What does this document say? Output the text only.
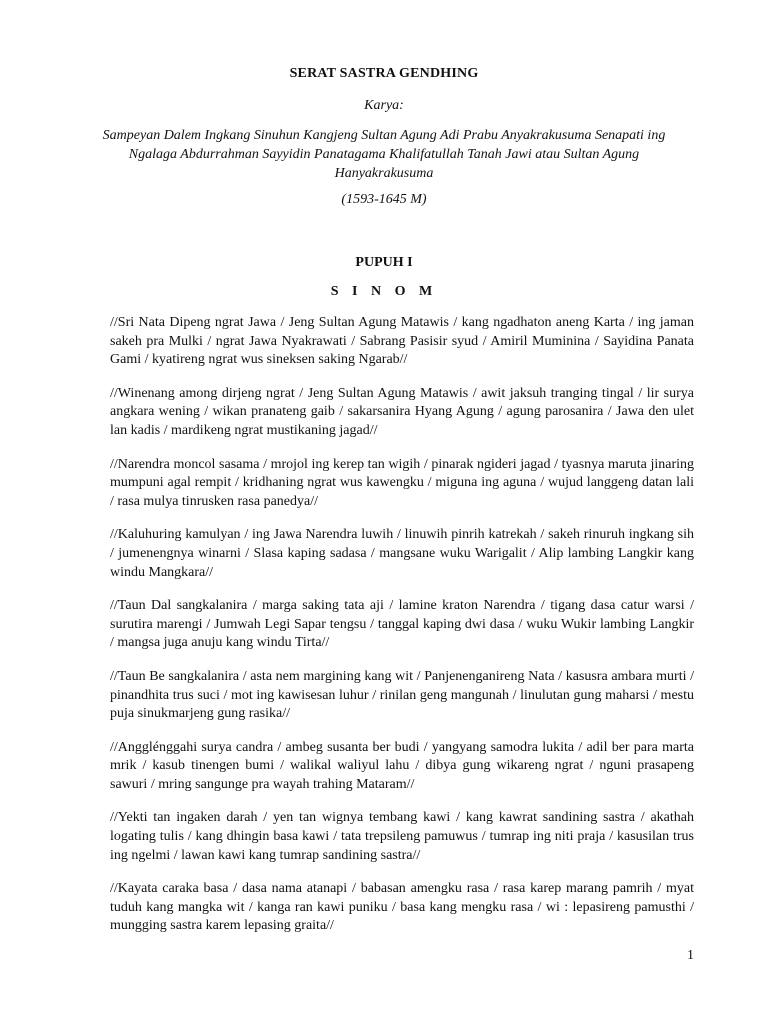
SERAT SASTRA GENDHING
Karya:
Sampeyan Dalem Ingkang Sinuhun Kangjeng Sultan Agung Adi Prabu Anyakrakusuma Senapati ing Ngalaga Abdurrahman Sayyidin Panatagama Khalifatullah Tanah Jawi atau Sultan Agung Hanyakrakusuma
(1593-1645 M)
PUPUH I
S I N O M

//Sri Nata Dipeng ngrat Jawa / Jeng Sultan Agung Matawis / kang ngadhaton aneng Karta / ing jaman sakeh pra Mulki / ngrat Jawa Nyakrawati / Sabrang Pasisir syud / Amiril Muminina / Sayidina Panata Gami / kyatireng ngrat wus sineksen saking Ngarab//

//Winenang among dirjeng ngrat / Jeng Sultan Agung Matawis / awit jaksuh tranging tingal / lir surya angkara wening / wikan pranateng gaib / sakarsanira Hyang Agung / agung parosanira / Jawa den ulet lan kadis / mardikeng ngrat mustikaning jagad//

//Narendra moncol sasama / mrojol ing kerep tan wigih / pinarak ngideri jagad / tyasnya maruta jinaring mumpuni agal rempit / kridhaning ngrat wus kawengku / miguna ing aguna / wujud langgeng datan lali / rasa mulya tinrusken rasa panedya//

//Kaluhuring kamulyan / ing Jawa Narendra luwih / linuwih pinrih katrekah / sakeh rinuruh ingkang sih / jumenengnya winarni / Slasa kaping sadasa / mangsane wuku Warigalit / Alip lambing Langkir kang windu Mangkara//

//Taun Dal sangkalanira / marga saking tata aji / lamine kraton Narendra / tigang dasa catur warsi / surutira marengi / Jumwah Legi Sapar tengsu / tanggal kaping dwi dasa / wuku Wukir lambing Langkir / mangsa juga anuju kang windu Tirta//

//Taun Be sangkalanira / asta nem margining kang wit / Panjenenganireng Nata / kasusra ambara murti / pinandhita trus suci / mot ing kawisesan luhur / rinilan geng mangunah / linulutan gung maharsi / mestu puja sinukmarjeng gung rasika//

//Angglénggahi surya candra / ambeg susanta ber budi / yangyang samodra lukita / adil ber para marta mrik / kasub tinengen bumi / walikal waliyul lahu / dibya gung wikareng ngrat / nguni prasapeng sawuri / mring sangunge pra wayah trahing Mataram//

//Yekti tan ingaken darah / yen tan wignya tembang kawi / kang kawrat sandining sastra / akathah logating tulis / kang dhingin basa kawi / tata trepsileng pamuwus / tumrap ing niti praja / kasusilan trus ing ngelmi / lawan kawi kang tumrap sandining sastra//

//Kayata caraka basa / dasa nama atanapi / babasan amengku rasa / rasa karep marang pamrih / myat tuduh kang mangka wit / kanga ran kawi puniku / basa kang mengku rasa / wi : lepasireng pamusthi / mungging sastra karem lepasing graita//

1
